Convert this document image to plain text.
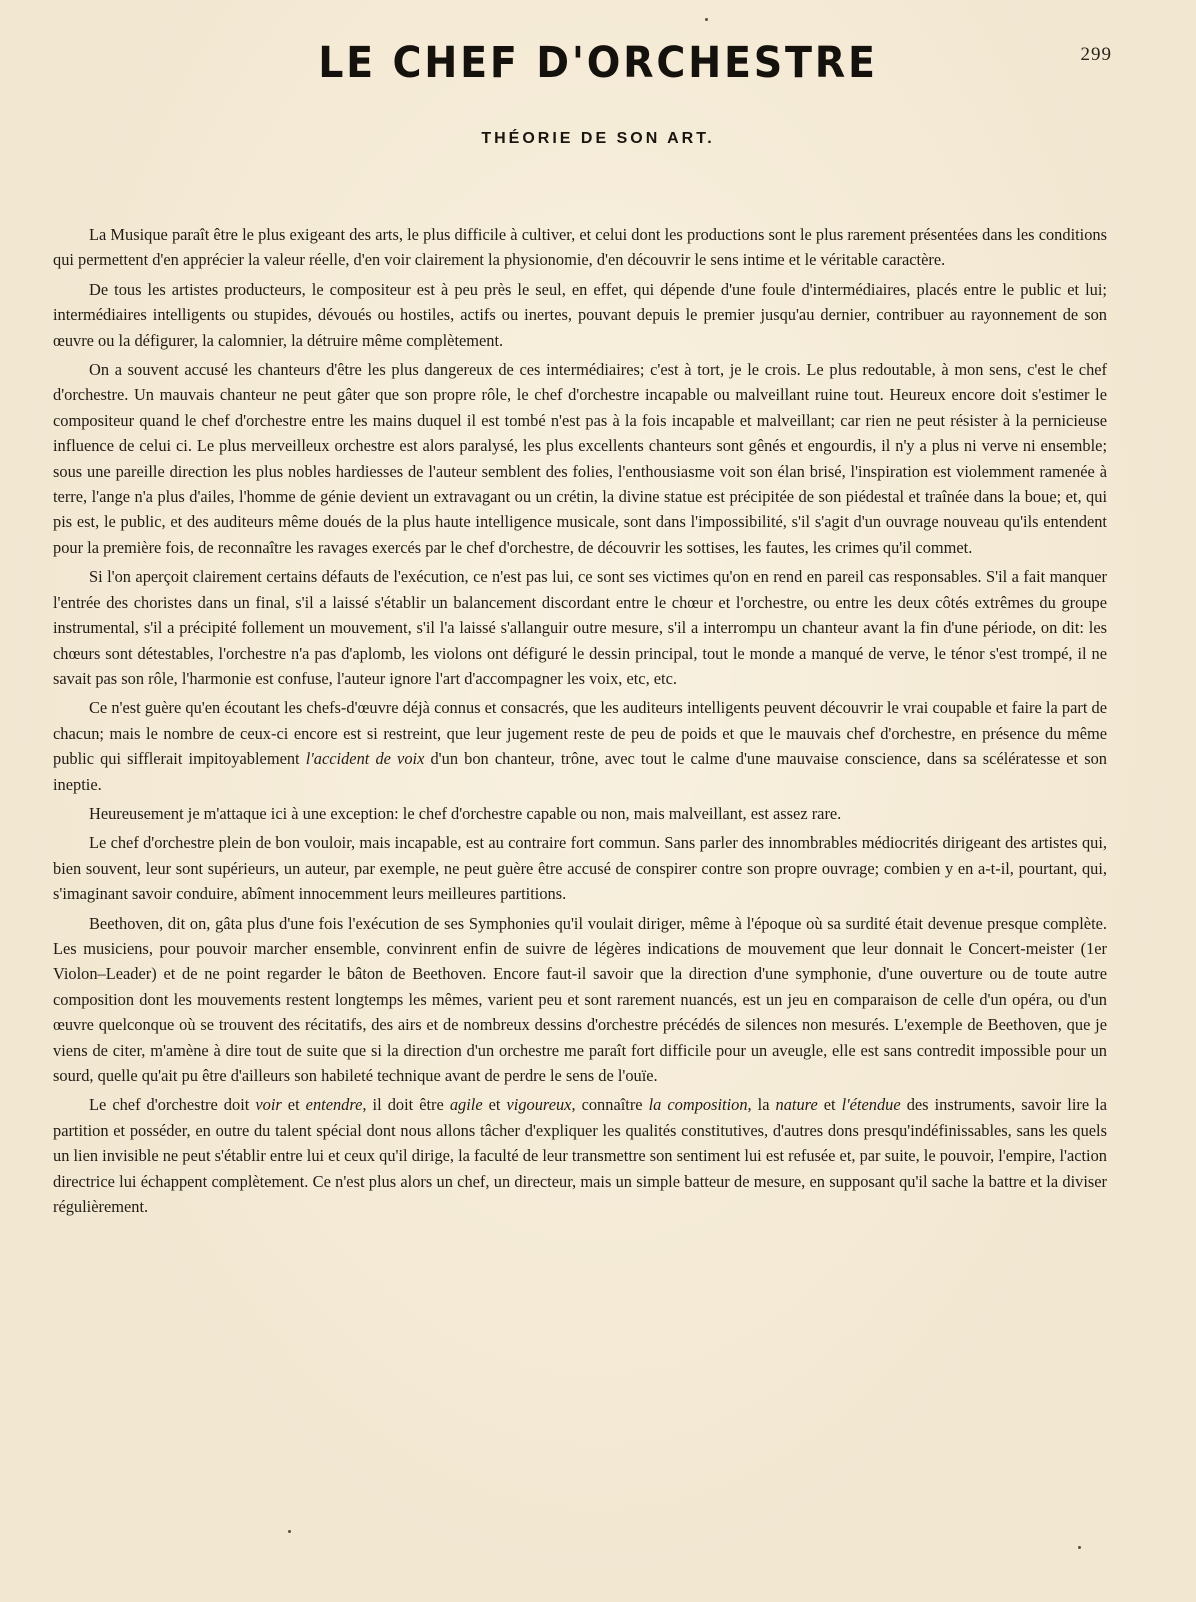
299
LE CHEF D'ORCHESTRE
THÉORIE DE SON ART.

La Musique paraît être le plus exigeant des arts, le plus difficile à cultiver, et celui dont les productions sont le plus rarement présentées dans les conditions qui permettent d'en apprécier la valeur réelle, d'en voir clairement la physionomie, d'en découvrir le sens intime et le véritable caractère.

De tous les artistes producteurs, le compositeur est à peu près le seul, en effet, qui dépende d'une foule d'intermédiaires, placés entre le public et lui; intermédiaires intelligents ou stupides, dévoués ou hostiles, actifs ou inertes, pouvant depuis le premier jusqu'au dernier, contribuer au rayonnement de son œuvre ou la défigurer, la calomnier, la détruire même complètement.

On a souvent accusé les chanteurs d'être les plus dangereux de ces intermédiaires; c'est à tort, je le crois. Le plus redoutable, à mon sens, c'est le chef d'orchestre. Un mauvais chanteur ne peut gâter que son propre rôle, le chef d'orchestre incapable ou malveillant ruine tout. Heureux encore doit s'estimer le compositeur quand le chef d'orchestre entre les mains duquel il est tombé n'est pas à la fois incapable et malveillant; car rien ne peut résister à la pernicieuse influence de celui ci. Le plus merveilleux orchestre est alors paralysé, les plus excellents chanteurs sont gênés et engourdis, il n'y a plus ni verve ni ensemble; sous une pareille direction les plus nobles hardiesses de l'auteur semblent des folies, l'enthousiasme voit son élan brisé, l'inspiration est violemment ramenée à terre, l'ange n'a plus d'ailes, l'homme de génie devient un extravagant ou un crétin, la divine statue est précipitée de son piédestal et traînée dans la boue; et, qui pis est, le public, et des auditeurs même doués de la plus haute intelligence musicale, sont dans l'impossibilité, s'il s'agit d'un ouvrage nouveau qu'ils entendent pour la première fois, de reconnaître les ravages exercés par le chef d'orchestre, de découvrir les sottises, les fautes, les crimes qu'il commet.

Si l'on aperçoit clairement certains défauts de l'exécution, ce n'est pas lui, ce sont ses victimes qu'on en rend en pareil cas responsables. S'il a fait manquer l'entrée des choristes dans un final, s'il a laissé s'établir un balancement discordant entre le chœur et l'orchestre, ou entre les deux côtés extrêmes du groupe instrumental, s'il a précipité follement un mouvement, s'il l'a laissé s'allanguir outre mesure, s'il a interrompu un chanteur avant la fin d'une période, on dit: les chœurs sont détestables, l'orchestre n'a pas d'aplomb, les violons ont défiguré le dessin principal, tout le monde a manqué de verve, le ténor s'est trompé, il ne savait pas son rôle, l'harmonie est confuse, l'auteur ignore l'art d'accompagner les voix, etc, etc.

Ce n'est guère qu'en écoutant les chefs-d'œuvre déjà connus et consacrés, que les auditeurs intelligents peuvent découvrir le vrai coupable et faire la part de chacun; mais le nombre de ceux-ci encore est si restreint, que leur jugement reste de peu de poids et que le mauvais chef d'orchestre, en présence du même public qui sifflerait impitoyablement l'accident de voix d'un bon chanteur, trône, avec tout le calme d'une mauvaise conscience, dans sa scélératesse et son ineptie.

Heureusement je m'attaque ici à une exception: le chef d'orchestre capable ou non, mais malveillant, est assez rare.

Le chef d'orchestre plein de bon vouloir, mais incapable, est au contraire fort commun. Sans parler des innombrables médiocrités dirigeant des artistes qui, bien souvent, leur sont supérieurs, un auteur, par exemple, ne peut guère être accusé de conspirer contre son propre ouvrage; combien y en a-t-il, pourtant, qui, s'imaginant savoir conduire, abîment innocemment leurs meilleures partitions.

Beethoven, dit on, gâta plus d'une fois l'exécution de ses Symphonies qu'il voulait diriger, même à l'époque où sa surdité était devenue presque complète. Les musiciens, pour pouvoir marcher ensemble, convinrent enfin de suivre de légères indications de mouvement que leur donnait le Concert-meister (1er Violon–Leader) et de ne point regarder le bâton de Beethoven. Encore faut-il savoir que la direction d'une symphonie, d'une ouverture ou de toute autre composition dont les mouvements restent longtemps les mêmes, varient peu et sont rarement nuancés, est un jeu en comparaison de celle d'un opéra, ou d'un œuvre quelconque où se trouvent des récitatifs, des airs et de nombreux dessins d'orchestre précédés de silences non mesurés. L'exemple de Beethoven, que je viens de citer, m'amène à dire tout de suite que si la direction d'un orchestre me paraît fort difficile pour un aveugle, elle est sans contredit impossible pour un sourd, quelle qu'ait pu être d'ailleurs son habileté technique avant de perdre le sens de l'ouïe.

Le chef d'orchestre doit voir et entendre, il doit être agile et vigoureux, connaître la composition, la nature et l'étendue des instruments, savoir lire la partition et posséder, en outre du talent spécial dont nous allons tâcher d'expliquer les qualités constitutives, d'autres dons presqu'indéfinissables, sans les quels un lien invisible ne peut s'établir entre lui et ceux qu'il dirige, la faculté de leur transmettre son sentiment lui est refusée et, par suite, le pouvoir, l'empire, l'action directrice lui échappent complètement. Ce n'est plus alors un chef, un directeur, mais un simple batteur de mesure, en supposant qu'il sache la battre et la diviser régulièrement.
